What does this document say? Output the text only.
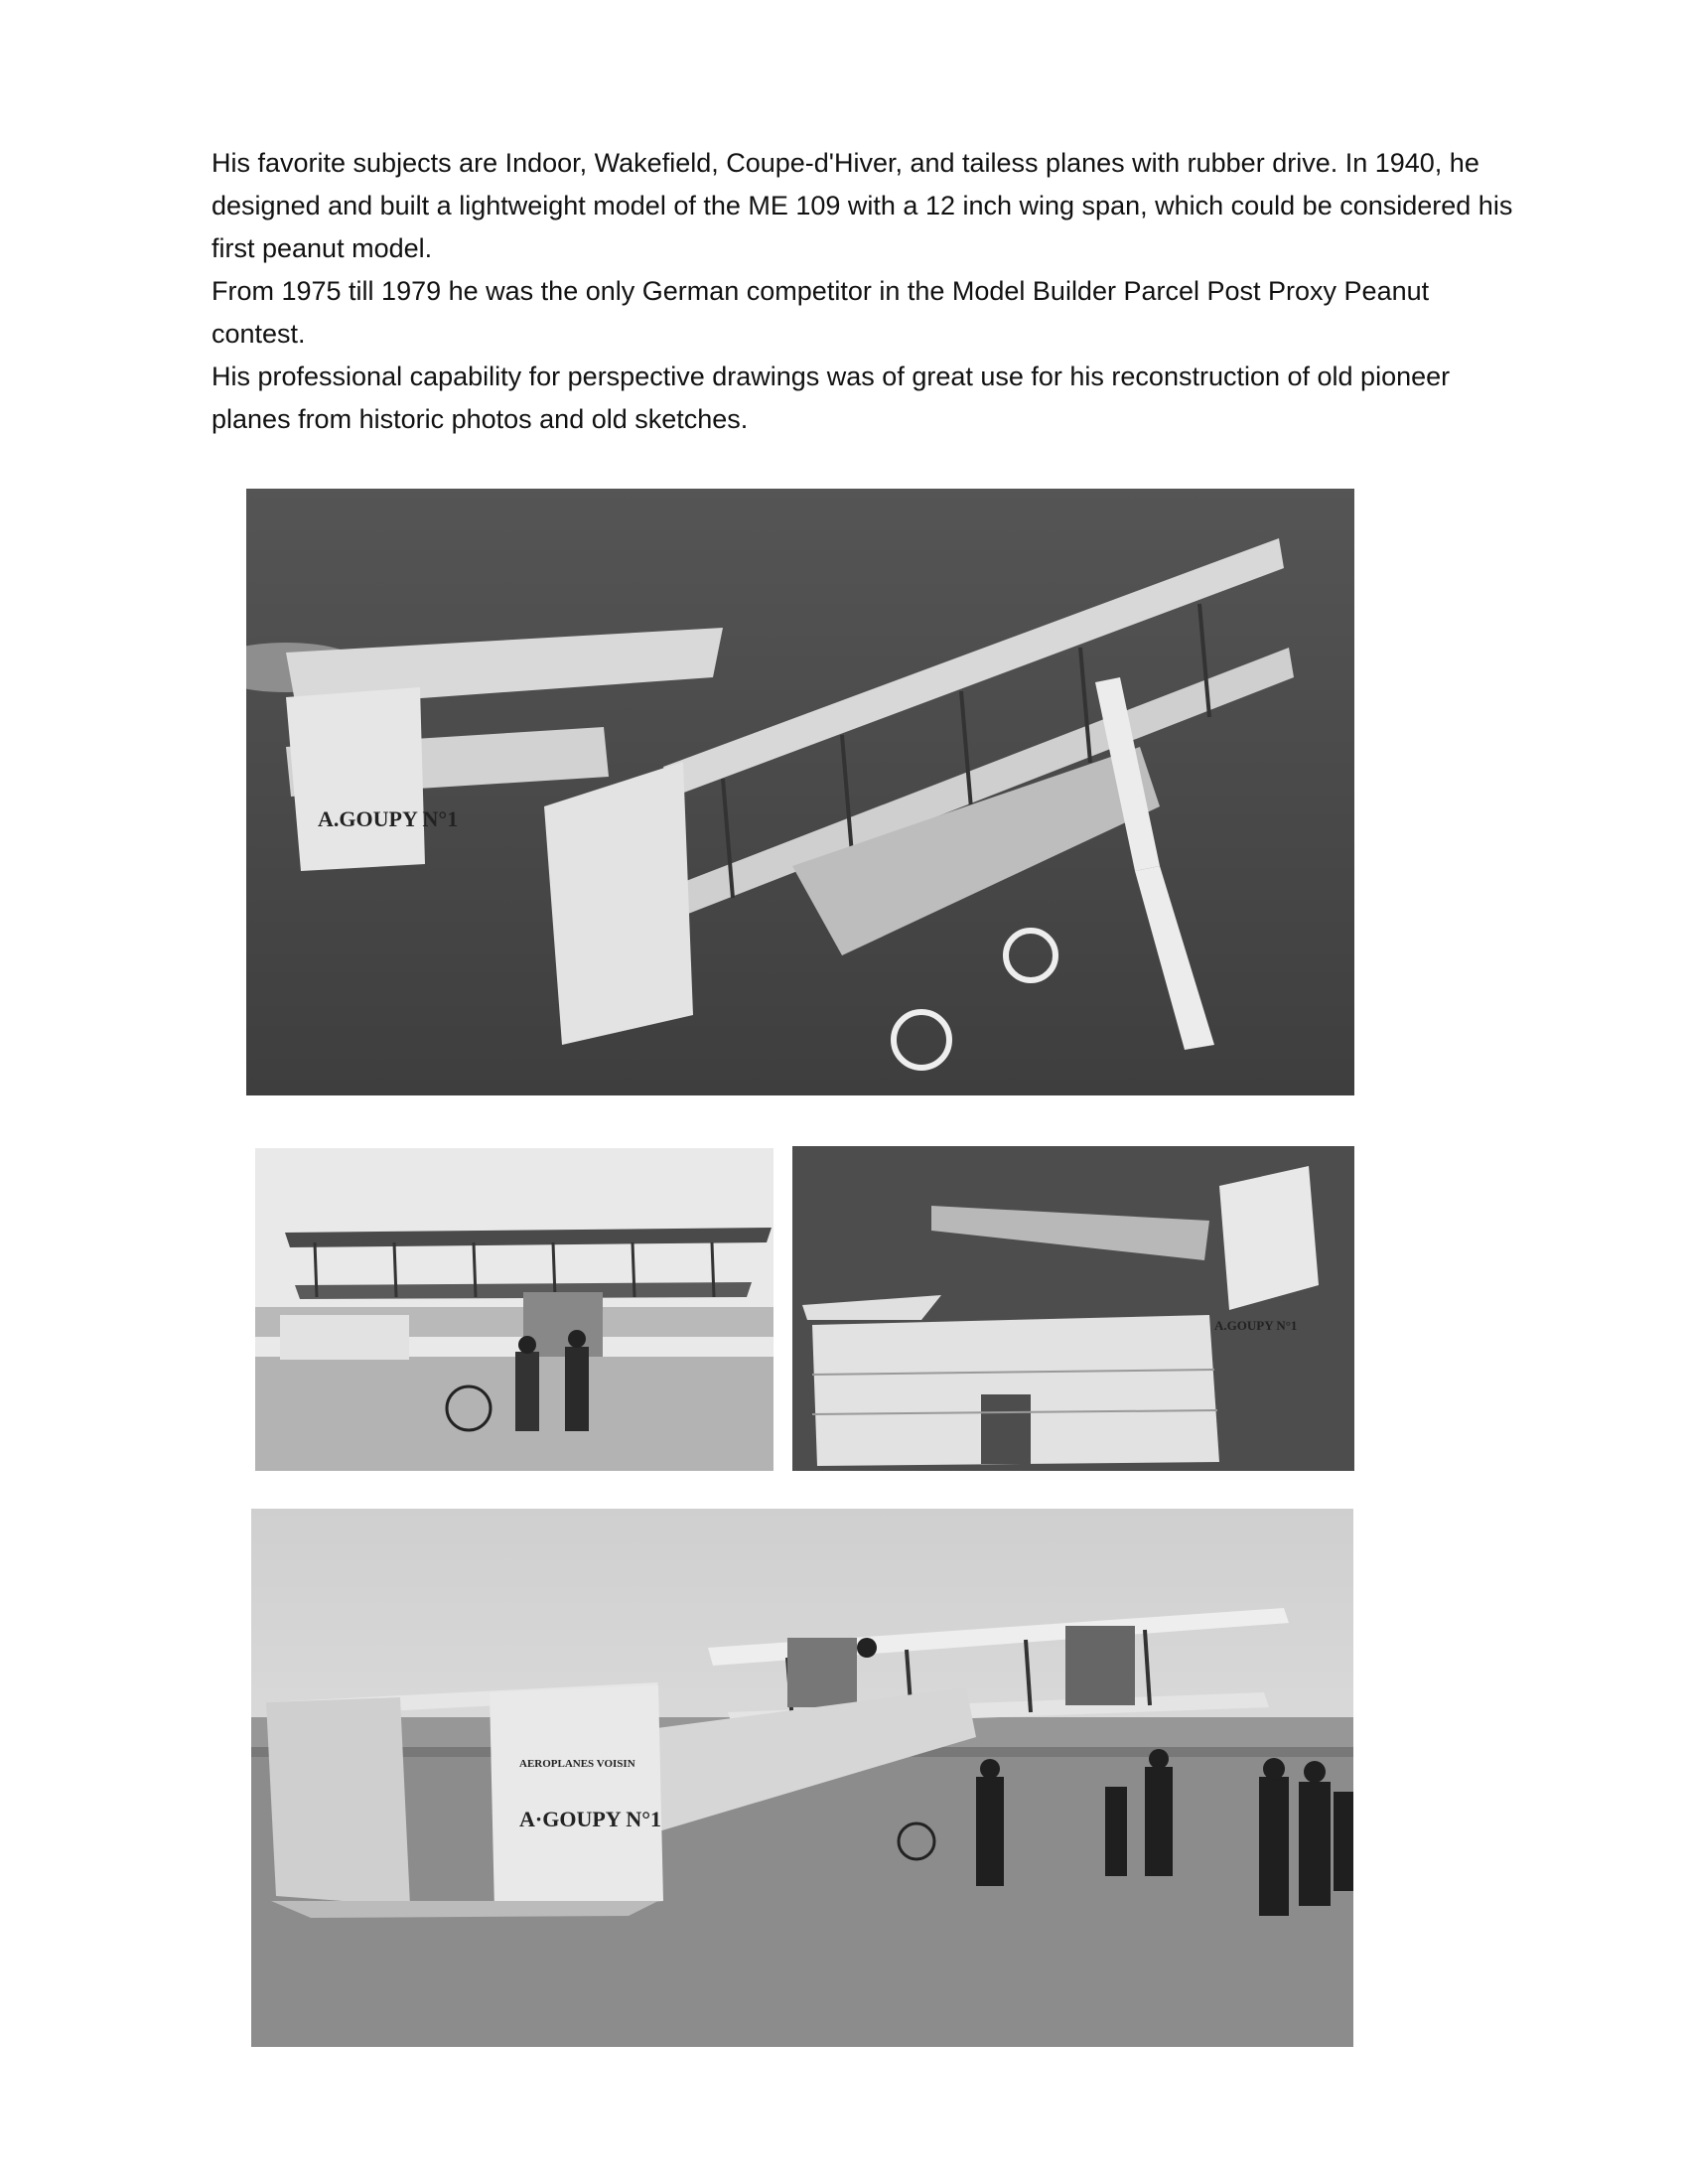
His favorite subjects are Indoor, Wakefield, Coupe-d'Hiver, and tailess planes with rubber drive. In 1940, he designed and built a lightweight model of the ME 109 with a 12 inch wing span, which could be considered his first peanut model.

From 1975 till 1979 he was the only German competitor in the Model Builder Parcel Post Proxy Peanut contest.

His professional capability for perspective drawings was of great use for his reconstruction of old pioneer planes from historic photos and old sketches.

A.GOUPY N°1
A.GOUPY N°1
AEROPLANES VOISIN
A·GOUPY N°1
